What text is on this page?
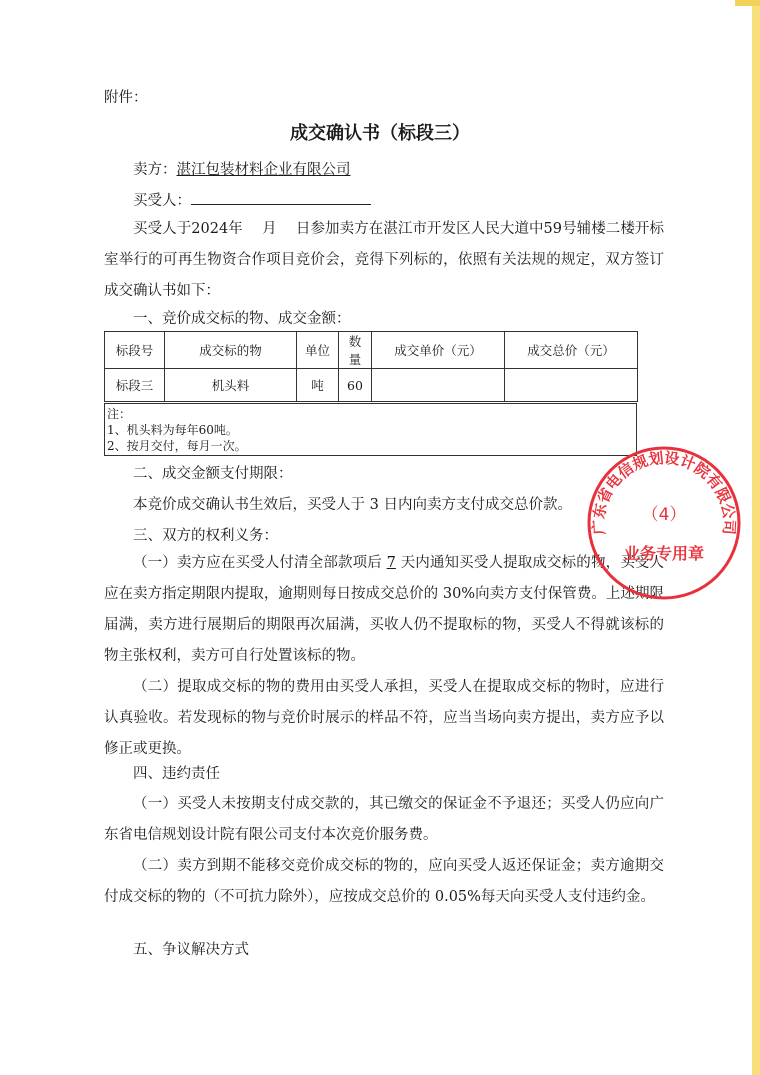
附件：
成交确认书（标段三）
卖方：湛江包装材料企业有限公司
买受人：

买受人于2024年　 月　 日参加卖方在湛江市开发区人民大道中59号辅楼二楼开标室举行的可再生物资合作项目竞价会，竞得下列标的，依照有关法规的规定，双方签订成交确认书如下：

一、竞价成交标的物、成交金额：
标段号	成交标的物	单位	数量	成交单价（元）	成交总价（元）
标段三	机头料	吨	60		
注：
1、机头料为每年60吨。
2、按月交付，每月一次。
二、成交金额支付期限：
本竞价成交确认书生效后，买受人于 3 日内向卖方支付成交总价款。
三、双方的权利义务：

（一）卖方应在买受人付清全部款项后 7 天内通知买受人提取成交标的物，买受人应在卖方指定期限内提取，逾期则每日按成交总价的 30%向卖方支付保管费。上述期限届满，卖方进行展期后的期限再次届满，买收人仍不提取标的物，买受人不得就该标的物主张权利，卖方可自行处置该标的物。

（二）提取成交标的物的费用由买受人承担，买受人在提取成交标的物时，应进行认真验收。若发现标的物与竞价时展示的样品不符，应当当场向卖方提出，卖方应予以修正或更换。

四、违约责任

（一）买受人未按期支付成交款的，其已缴交的保证金不予退还；买受人仍应向广东省电信规划设计院有限公司支付本次竞价服务费。

（二）卖方到期不能移交竞价成交标的物的，应向买受人返还保证金；卖方逾期交付成交标的物的（不可抗力除外），应按成交总价的 0.05%每天向买受人支付违约金。

五、争议解决方式
广东省电信规划设计院有限公司
（4）
业务专用章
